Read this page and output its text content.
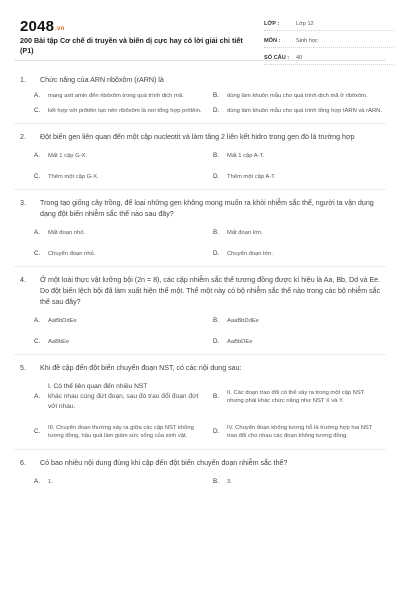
2048.vn
200 Bài tập Cơ chế di truyền và biến dị cực hay có lời giải chi tiết (P1)
LỚP :	Lớp 12
MÔN :	Sinh học
SỐ CÂU :	40
1.	Chức năng của ARN ribôxôm (rARN) là
A.	mang axit amin đến ribôxôm trong quá trình dịch mã.	B.	dùng làm khuôn mẫu cho quá trình dịch mã ở ribôxôm.
C.	kết hợp với prôtêin tạo nên ribôxôm là nơi tổng hợp prôtêin. D.	dùng làm khuôn mẫu cho quá trình tổng hợp tARN và rARN.
2.	Đột biến gen liên quan đến một cặp nucleotit và làm tăng 2 liên kết hidro trong gen đó là trường hợp
A.	Mất 1 cặp G-X.	B.	Mất 1 cặp A-T.
C.	Thêm một cặp G-X.	D.	Thêm một cặp A-T.
3.	Trong tạo giống cây trồng, để loại những gen không mong muốn ra khỏi nhiễm sắc thể, người ta vận dụng dạng đột biến nhiễm sắc thể nào sau đây?
A.	Mất đoạn nhỏ.	B.	Mất đoạn lớn.
C.	Chuyển đoạn nhỏ.	D.	Chuyển đoạn lớn.
4.	Ở một loài thực vật lưỡng bội (2n = 8), các cặp nhiễm sắc thể tương đồng được kí hiệu là Aa, Bb, Dd và Ee. Do đột biến lệch bội đã làm xuất hiện thể một. Thể một này có bộ nhiễm sắc thể nào trong các bộ nhiễm sắc thể sau đây?
A.	AaBbDdEe	B.	AaaBbDdEe
C.	AaBbEe	D.	AaBbDEe
5.	Khi đề cập đến đột biến chuyển đoạn NST, có các nội dung sau:
A.
I. Có thể liên quan đến nhiều NST
khác nhau cùng đứt đoạn, sau đó trao đổi đoạn đứt với nhau.
B.
II. Các đoạn trao đổi có thể xảy ra trong một cặp NST nhưng phải khác chức năng như NST X và Y.
C.
III. Chuyển đoạn thường xảy ra giữa các cặp NST không tương đồng, hậu quả làm giảm sức sống của sinh vật.
D.
IV. Chuyển đoạn không tương hỗ là trường hợp hai NST trao đổi cho nhau các đoạn không tương đồng.
6.	Có bao nhiêu nội dung đúng khi cập đến đột biến chuyển đoạn nhiễm sắc thể?
A.	1.	B.	3.
